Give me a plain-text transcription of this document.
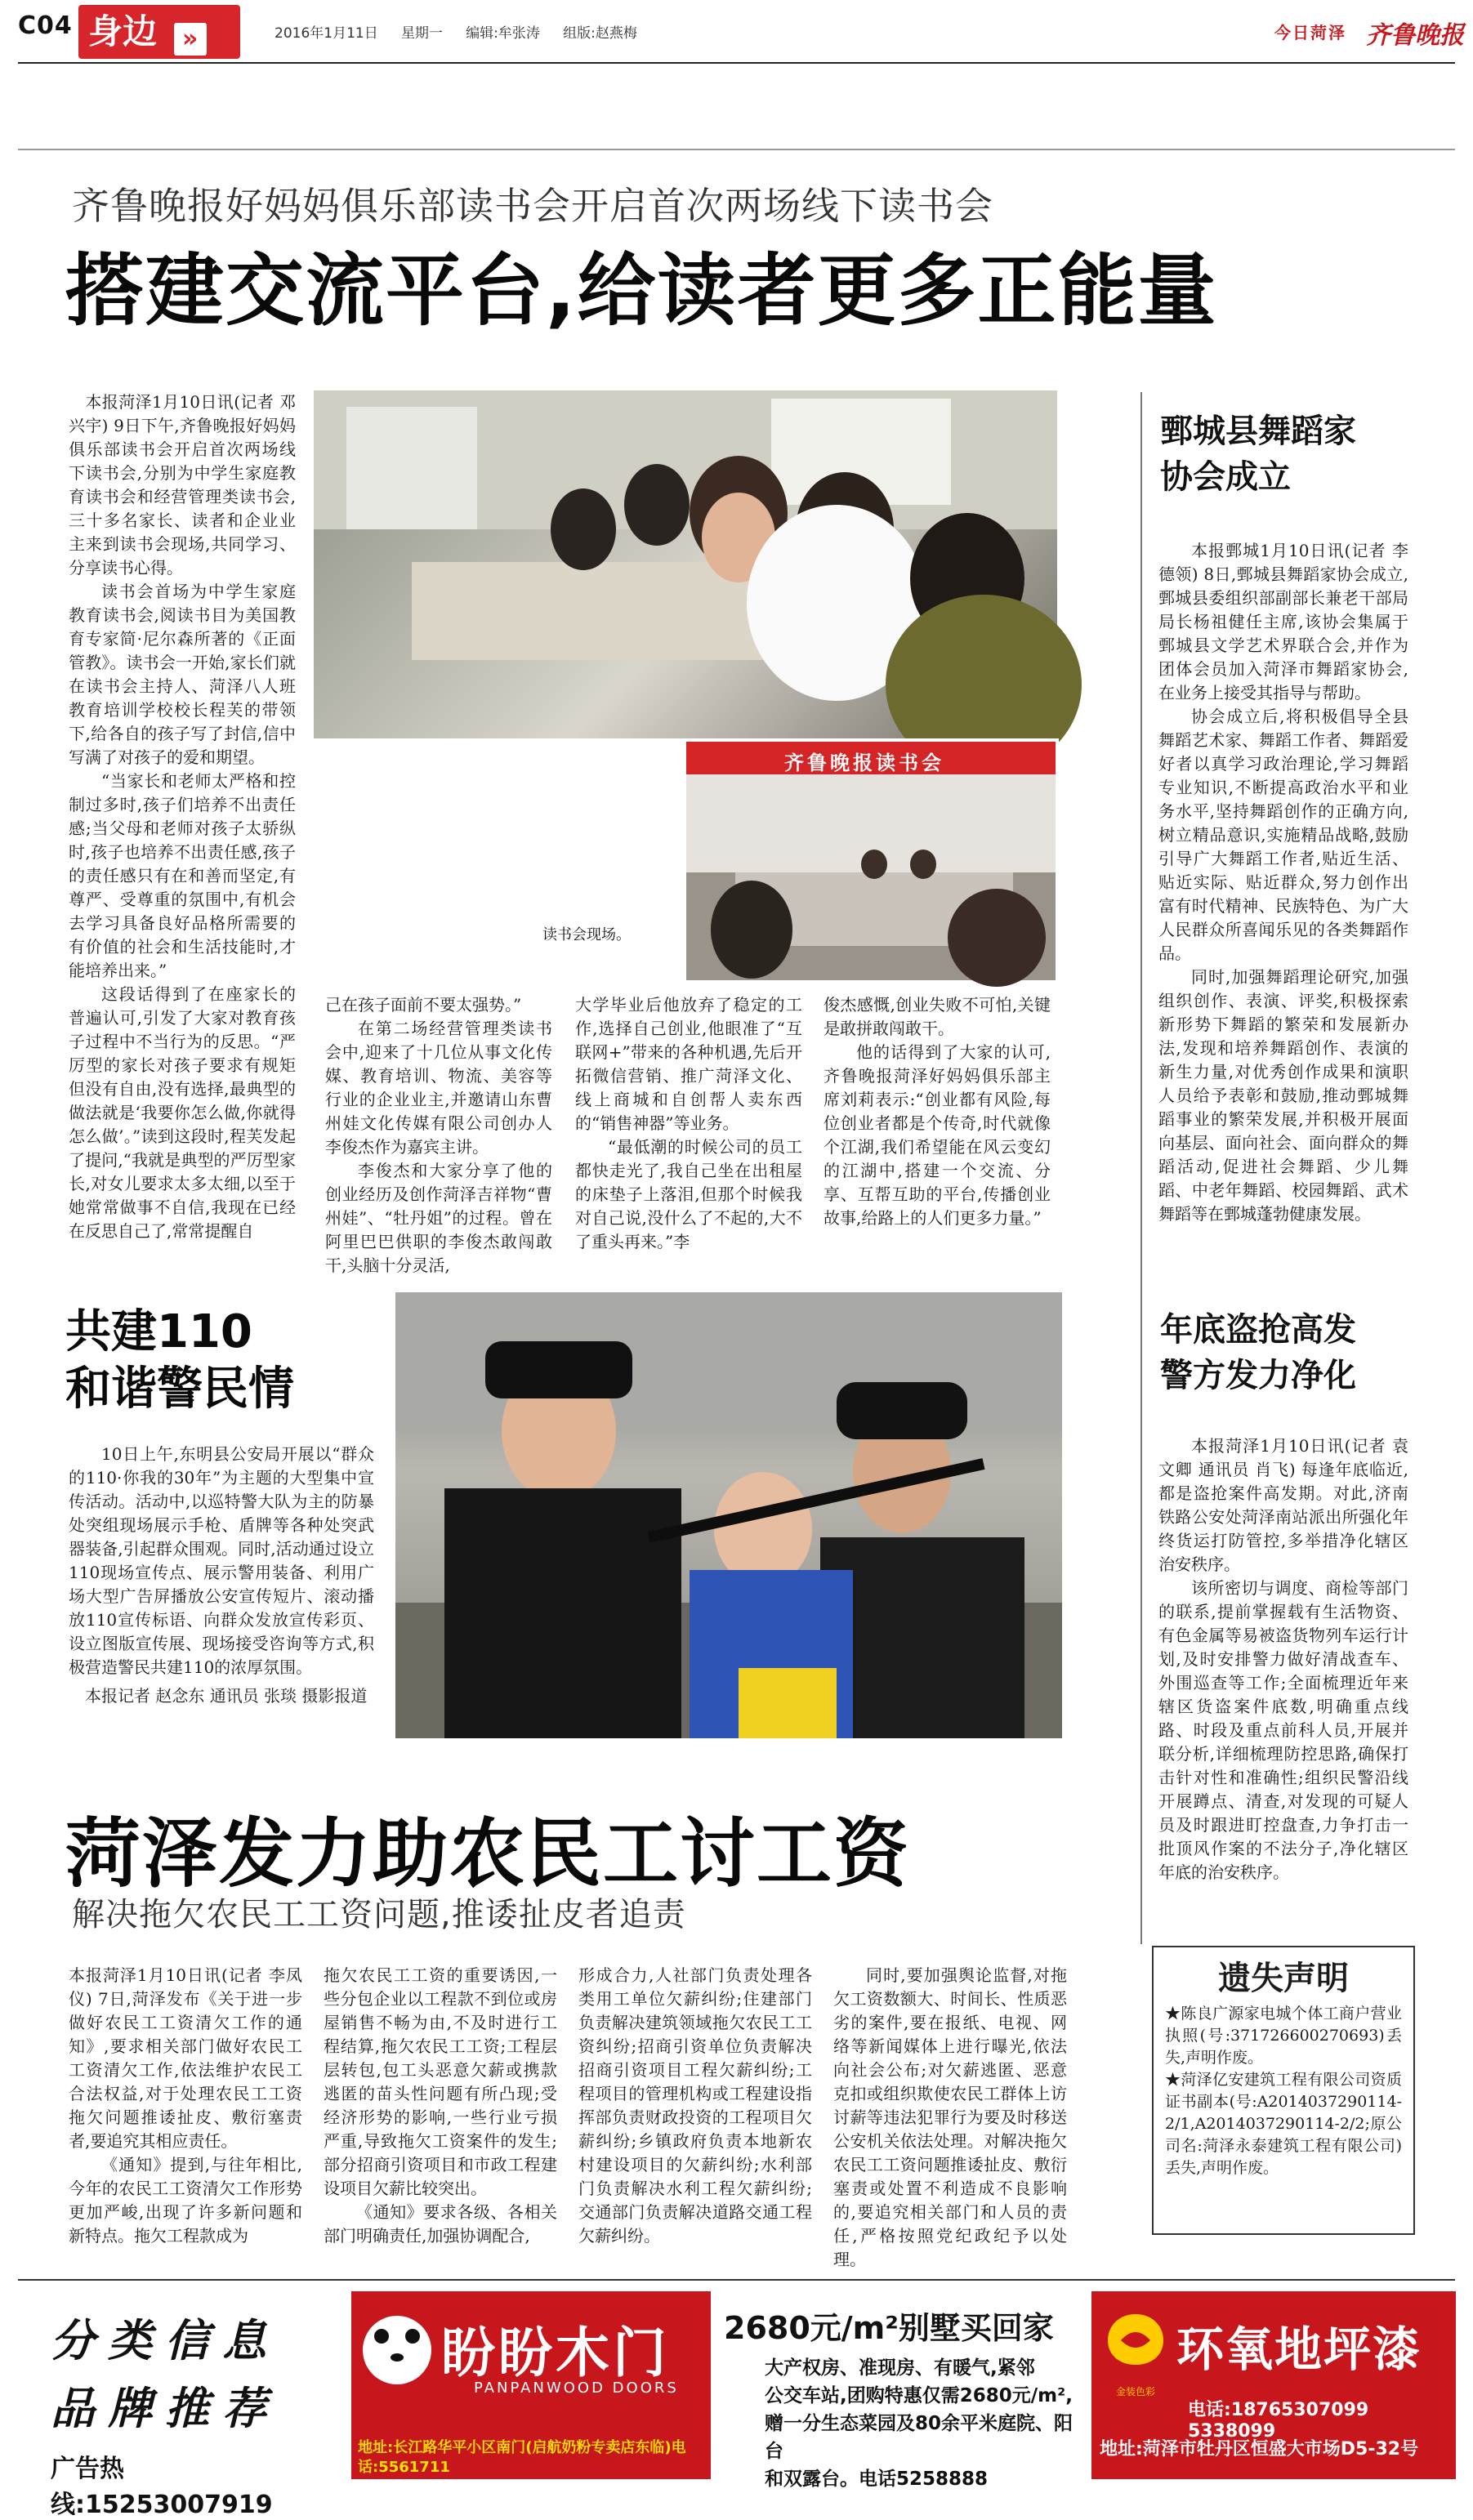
C04 身边 »	2016年1月11日 星期一 编辑:牟张涛 组版:赵燕梅	今日菏泽 齐鲁晚报
齐鲁晚报好妈妈俱乐部读书会开启首次两场线下读书会
搭建交流平台,给读者更多正能量

　本报菏泽1月10日讯(记者 邓兴宇) 9日下午,齐鲁晚报好妈妈俱乐部读书会开启首次两场线下读书会,分别为中学生家庭教育读书会和经营管理类读书会,三十多名家长、读者和企业业主来到读书会现场,共同学习、分享读书心得。

读书会首场为中学生家庭教育读书会,阅读书目为美国教育专家简·尼尔森所著的《正面管教》。读书会一开始,家长们就在读书会主持人、菏泽八人班教育培训学校校长程芙的带领下,给各自的孩子写了封信,信中写满了对孩子的爱和期望。

“当家长和老师太严格和控制过多时,孩子们培养不出责任感;当父母和老师对孩子太骄纵时,孩子也培养不出责任感,孩子的责任感只有在和善而坚定,有尊严、受尊重的氛围中,有机会去学习具备良好品格所需要的有价值的社会和生活技能时,才能培养出来。”

这段话得到了在座家长的普遍认可,引发了大家对教育孩子过程中不当行为的反思。“严厉型的家长对孩子要求有规矩但没有自由,没有选择,最典型的做法就是‘我要你怎么做,你就得怎么做’。”读到这段时,程芙发起了提问,“我就是典型的严厉型家长,对女儿要求太多太细,以至于她常常做事不自信,我现在已经在反思自己了,常常提醒自

齐鲁晚报读书会
读书会现场。

己在孩子面前不要太强势。”

在第二场经营管理类读书会中,迎来了十几位从事文化传媒、教育培训、物流、美容等行业的企业业主,并邀请山东曹州娃文化传媒有限公司创办人李俊杰作为嘉宾主讲。

李俊杰和大家分享了他的创业经历及创作菏泽吉祥物“曹州娃”、“牡丹姐”的过程。曾在阿里巴巴供职的李俊杰敢闯敢干,头脑十分灵活,

大学毕业后他放弃了稳定的工作,选择自己创业,他眼准了“互联网+”带来的各种机遇,先后开拓微信营销、推广菏泽文化、线上商城和自创帮人卖东西的“销售神器”等业务。

“最低潮的时候公司的员工都快走光了,我自己坐在出租屋的床垫子上落泪,但那个时候我对自己说,没什么了不起的,大不了重头再来。”李

俊杰感慨,创业失败不可怕,关键是敢拼敢闯敢干。

他的话得到了大家的认可,齐鲁晚报菏泽好妈妈俱乐部主席刘莉表示:“创业都有风险,每位创业者都是个传奇,时代就像个江湖,我们希望能在风云变幻的江湖中,搭建一个交流、分享、互帮互助的平台,传播创业故事,给路上的人们更多力量。”

鄄城县舞蹈家
协会成立

本报鄄城1月10日讯(记者 李德领) 8日,鄄城县舞蹈家协会成立,鄄城县委组织部副部长兼老干部局局长杨祖健任主席,该协会集属于鄄城县文学艺术界联合会,并作为团体会员加入菏泽市舞蹈家协会,在业务上接受其指导与帮助。

协会成立后,将积极倡导全县舞蹈艺术家、舞蹈工作者、舞蹈爱好者以真学习政治理论,学习舞蹈专业知识,不断提高政治水平和业务水平,坚持舞蹈创作的正确方向,树立精品意识,实施精品战略,鼓励引导广大舞蹈工作者,贴近生活、贴近实际、贴近群众,努力创作出富有时代精神、民族特色、为广大人民群众所喜闻乐见的各类舞蹈作品。

同时,加强舞蹈理论研究,加强组织创作、表演、评奖,积极探索新形势下舞蹈的繁荣和发展新办法,发现和培养舞蹈创作、表演的新生力量,对优秀创作成果和演职人员给予表彰和鼓励,推动鄄城舞蹈事业的繁荣发展,并积极开展面向基层、面向社会、面向群众的舞蹈活动,促进社会舞蹈、少儿舞蹈、中老年舞蹈、校园舞蹈、武术舞蹈等在鄄城蓬勃健康发展。

年底盗抢高发
警方发力净化

本报菏泽1月10日讯(记者 袁文卿 通讯员 肖飞) 每逢年底临近,都是盗抢案件高发期。对此,济南铁路公安处菏泽南站派出所强化年终货运打防管控,多举措净化辖区治安秩序。

该所密切与调度、商检等部门的联系,提前掌握载有生活物资、有色金属等易被盗货物列车运行计划,及时安排警力做好清战查车、外围巡查等工作;全面梳理近年来辖区货盗案件底数,明确重点线路、时段及重点前科人员,开展并联分析,详细梳理防控思路,确保打击针对性和准确性;组织民警沿线开展蹲点、清查,对发现的可疑人员及时跟进盯控盘查,力争打击一批顶风作案的不法分子,净化辖区年底的治安秩序。

遗失声明
★陈良广源家电城个体工商户营业执照(号:371726600270693)丢失,声明作废。
★菏泽亿安建筑工程有限公司资质证书副本(号:A2014037290114-2/1,A2014037290114-2/2;原公司名:菏泽永泰建筑工程有限公司)丢失,声明作废。
共建110
和谐警民情

10日上午,东明县公安局开展以“群众的110·你我的30年”为主题的大型集中宣传活动。活动中,以巡特警大队为主的防暴处突组现场展示手枪、盾牌等各种处突武器装备,引起群众围观。同时,活动通过设立110现场宣传点、展示警用装备、利用广场大型广告屏播放公安宣传短片、滚动播放110宣传标语、向群众发放宣传彩页、设立图版宣传展、现场接受咨询等方式,积极营造警民共建110的浓厚氛围。

本报记者 赵念东 通讯员 张琰 摄影报道
菏泽发力助农民工讨工资
解决拖欠农民工工资问题,推诿扯皮者追责

本报菏泽1月10日讯(记者 李凤仪) 7日,菏泽发布《关于进一步做好农民工工资清欠工作的通知》,要求相关部门做好农民工工资清欠工作,依法维护农民工合法权益,对于处理农民工工资拖欠问题推诿扯皮、敷衍塞责者,要追究其相应责任。

《通知》提到,与往年相比,今年的农民工工资清欠工作形势更加严峻,出现了许多新问题和新特点。拖欠工程款成为

拖欠农民工工资的重要诱因,一些分包企业以工程款不到位或房屋销售不畅为由,不及时进行工程结算,拖欠农民工工资;工程层层转包,包工头恶意欠薪或携款逃匿的苗头性问题有所凸现;受经济形势的影响,一些行业亏损严重,导致拖欠工资案件的发生;部分招商引资项目和市政工程建设项目欠薪比较突出。

《通知》要求各级、各相关部门明确责任,加强协调配合,

形成合力,人社部门负责处理各类用工单位欠薪纠纷;住建部门负责解决建筑领域拖欠农民工工资纠纷;招商引资单位负责解决招商引资项目工程欠薪纠纷;工程项目的管理机构或工程建设指挥部负责财政投资的工程项目欠薪纠纷;乡镇政府负责本地新农村建设项目的欠薪纠纷;水利部门负责解决水利工程欠薪纠纷;交通部门负责解决道路交通工程欠薪纠纷。

同时,要加强舆论监督,对拖欠工资数额大、时间长、性质恶劣的案件,要在报纸、电视、网络等新闻媒体上进行曝光,依法向社会公布;对欠薪逃匿、恶意克扣或组织欺使农民工群体上访讨薪等违法犯罪行为要及时移送公安机关依法处理。对解决拖欠农民工工资问题推诿扯皮、敷衍塞责或处置不利造成不良影响的,要追究相关部门和人员的责任,严格按照党纪政纪予以处理。

分类信息
品牌推荐
广告热线:15253007919
盼盼木门
PANPANWOOD DOORS
地址:长江路华平小区南门(启航奶粉专卖店东临)电话:5561711
2680元/m²别墅买回家
大产权房、准现房、有暖气,紧邻
公交车站,团购特惠仅需2680元/m²,
赠一分生态菜园及80余平米庭院、阳台
和双露台。电话5258888
金装色彩
环氧地坪漆
电话:18765307099 5338099
地址:菏泽市牡丹区恒盛大市场D5-32号
